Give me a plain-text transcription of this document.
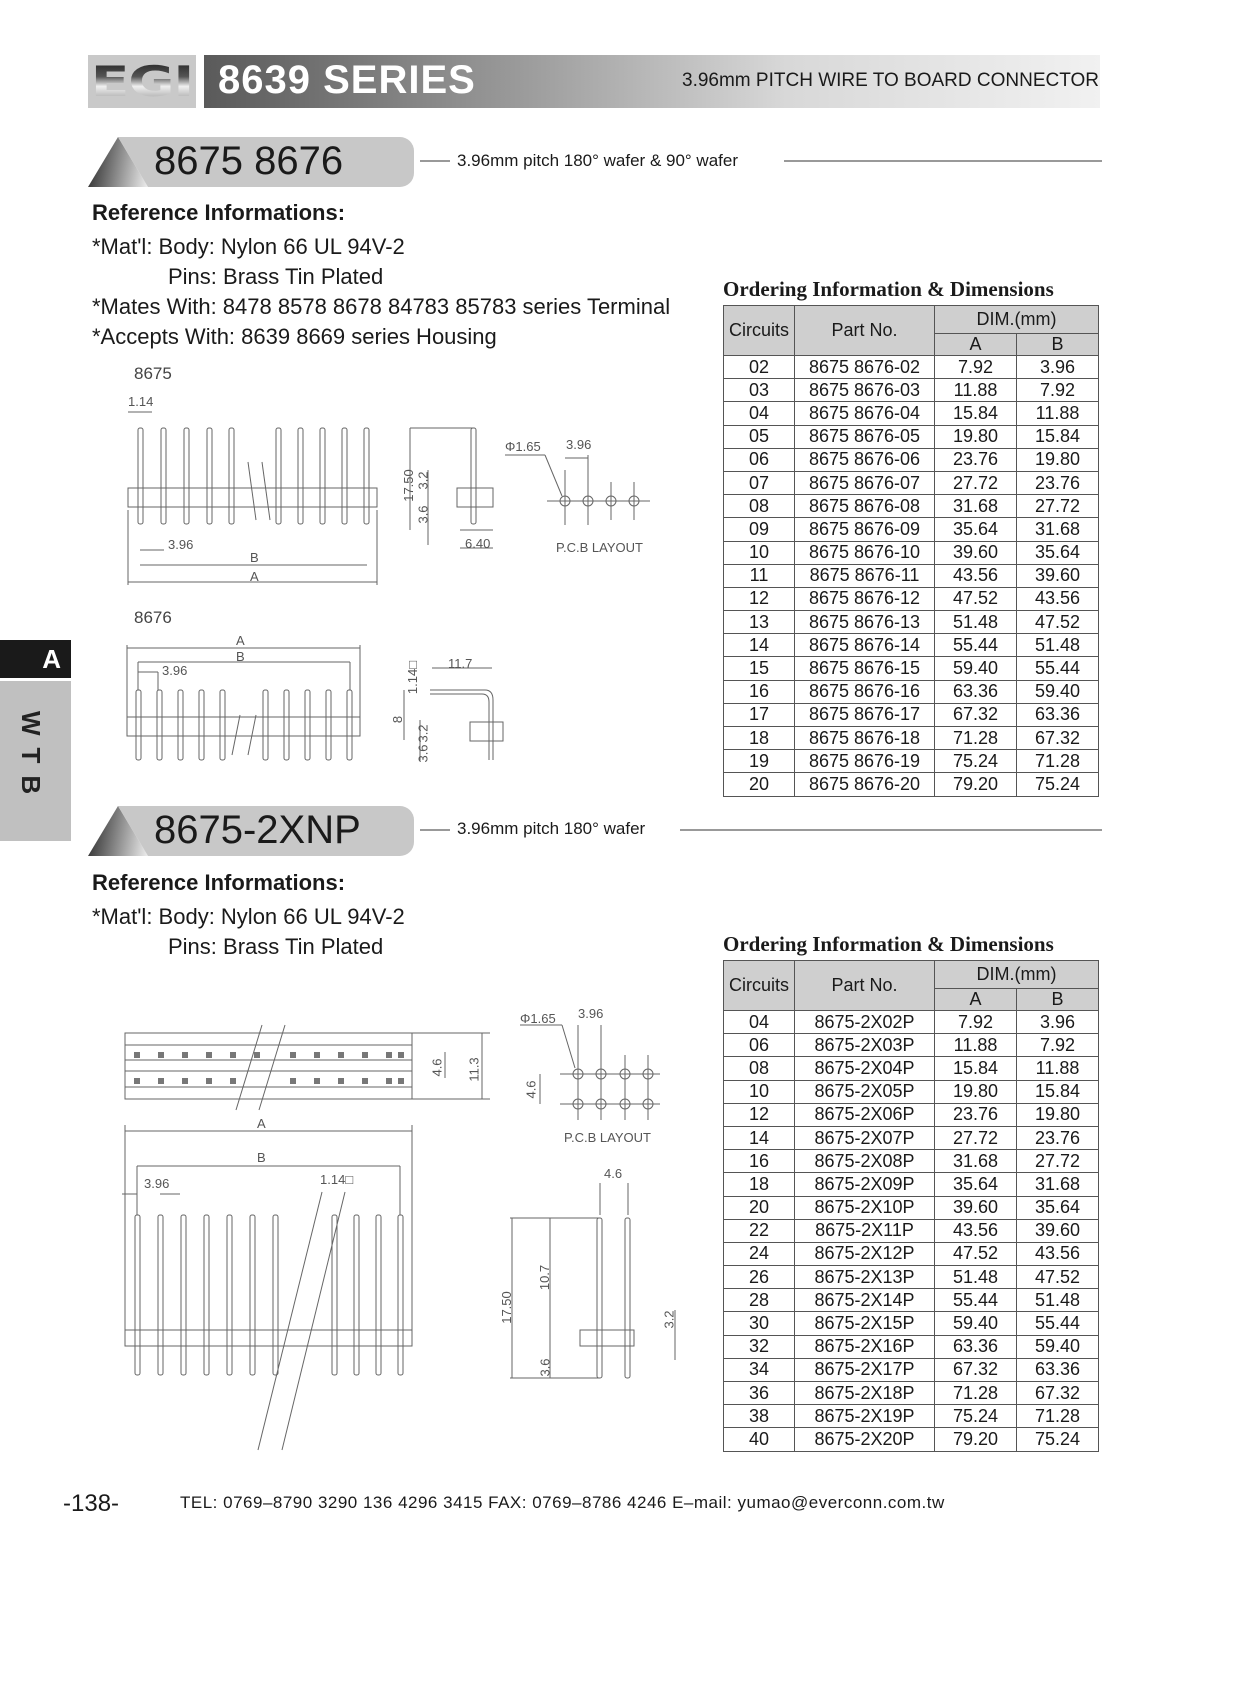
EGI 8639 SERIES	3.96mm PITCH WIRE TO BOARD CONNECTOR
A
WTB
8675 8676	3.96mm pitch 180° wafer & 90° wafer
Reference Informations:
*Mat'l: Body: Nylon 66 UL 94V-2
Pins: Brass Tin Plated
*Mates With: 8478 8578 8678 84783 85783 series Terminal
*Accepts With: 8639 8669 series Housing
8675
1.14
3.96
B
A
17.50 3.2
3.6
6.40
Φ1.65 3.96
P.C.B LAYOUT
8676
A
B
3.96	1.14□ 11.7
8
3.2
3.6
Ordering Information & Dimensions
Circuits	Part No.	DIM.(mm)	
		A	B
02	8675 8676-02	7.92	3.96
03	8675 8676-03	11.88	7.92
04	8675 8676-04	15.84	11.88
05	8675 8676-05	19.80	15.84
06	8675 8676-06	23.76	19.80
07	8675 8676-07	27.72	23.76
08	8675 8676-08	31.68	27.72
09	8675 8676-09	35.64	31.68
10	8675 8676-10	39.60	35.64
11	8675 8676-11	43.56	39.60
12	8675 8676-12	47.52	43.56
13	8675 8676-13	51.48	47.52
14	8675 8676-14	55.44	51.48
15	8675 8676-15	59.40	55.44
16	8675 8676-16	63.36	59.40
17	8675 8676-17	67.32	63.36
18	8675 8676-18	71.28	67.32
19	8675 8676-19	75.24	71.28
20	8675 8676-20	79.20	75.24
8675-2XNP	3.96mm pitch 180° wafer
Reference Informations:
*Mat'l: Body: Nylon 66 UL 94V-2
Pins: Brass Tin Plated
4.6 11.3
Φ1.65 3.96
4.6
P.C.B LAYOUT
A
B
3.96	1.14□	4.6
17.50
10.7
3.6
3.2
Ordering Information & Dimensions
Circuits	Part No.	DIM.(mm)	
		A	B
04	8675-2X02P	7.92	3.96
06	8675-2X03P	11.88	7.92
08	8675-2X04P	15.84	11.88
10	8675-2X05P	19.80	15.84
12	8675-2X06P	23.76	19.80
14	8675-2X07P	27.72	23.76
16	8675-2X08P	31.68	27.72
18	8675-2X09P	35.64	31.68
20	8675-2X10P	39.60	35.64
22	8675-2X11P	43.56	39.60
24	8675-2X12P	47.52	43.56
26	8675-2X13P	51.48	47.52
28	8675-2X14P	55.44	51.48
30	8675-2X15P	59.40	55.44
32	8675-2X16P	63.36	59.40
34	8675-2X17P	67.32	63.36
36	8675-2X18P	71.28	67.32
38	8675-2X19P	75.24	71.28
40	8675-2X20P	79.20	75.24
-138-	TEL: 0769–8790 3290 136 4296 3415 FAX: 0769–8786 4246 E–mail: yumao@everconn.com.tw
